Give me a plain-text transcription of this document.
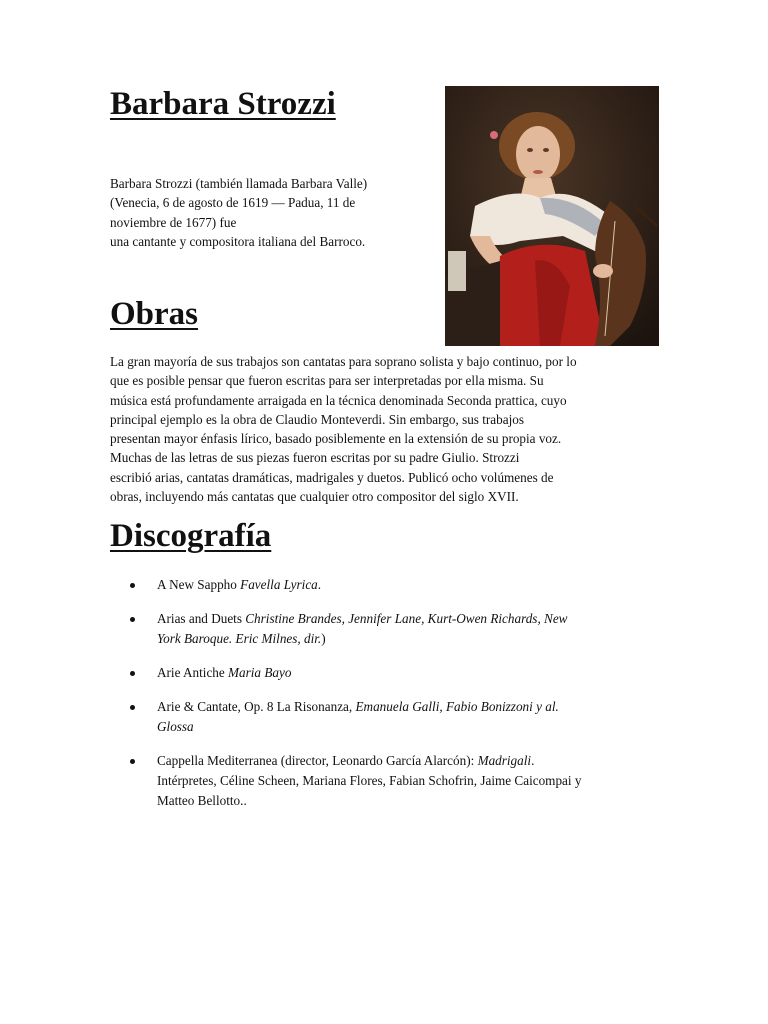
Barbara Strozzi

Barbara Strozzi (también llamada Barbara Valle)
(Venecia, 6 de agosto de 1619 — Padua, 11 de
noviembre de 1677) fue
una cantante y compositora italiana del Barroco.

Obras

La gran mayoría de sus trabajos son cantatas para soprano solista y bajo continuo, por lo
que es posible pensar que fueron escritas para ser interpretadas por ella misma. Su
música está profundamente arraigada en la técnica denominada Seconda prattica, cuyo
principal ejemplo es la obra de Claudio Monteverdi. Sin embargo, sus trabajos
presentan mayor énfasis lírico, basado posiblemente en la extensión de su propia voz.
Muchas de las letras de sus piezas fueron escritas por su padre Giulio. Strozzi
escribió arias, cantatas dramáticas, madrigales y duetos. Publicó ocho volúmenes de
obras, incluyendo más cantatas que cualquier otro compositor del siglo XVII.

Discografía
A New Sappho Favella Lyrica.
Arias and Duets Christine Brandes, Jennifer Lane, Kurt-Owen Richards, New
York Baroque. Eric Milnes, dir.)
Arie Antiche Maria Bayo
Arie & Cantate, Op. 8 La Risonanza, Emanuela Galli, Fabio Bonizzoni y al.
Glossa
Cappella Mediterranea (director, Leonardo García Alarcón): Madrigali.
Intérpretes, Céline Scheen, Mariana Flores, Fabian Schofrin, Jaime Caicompai y
Matteo Bellotto..
